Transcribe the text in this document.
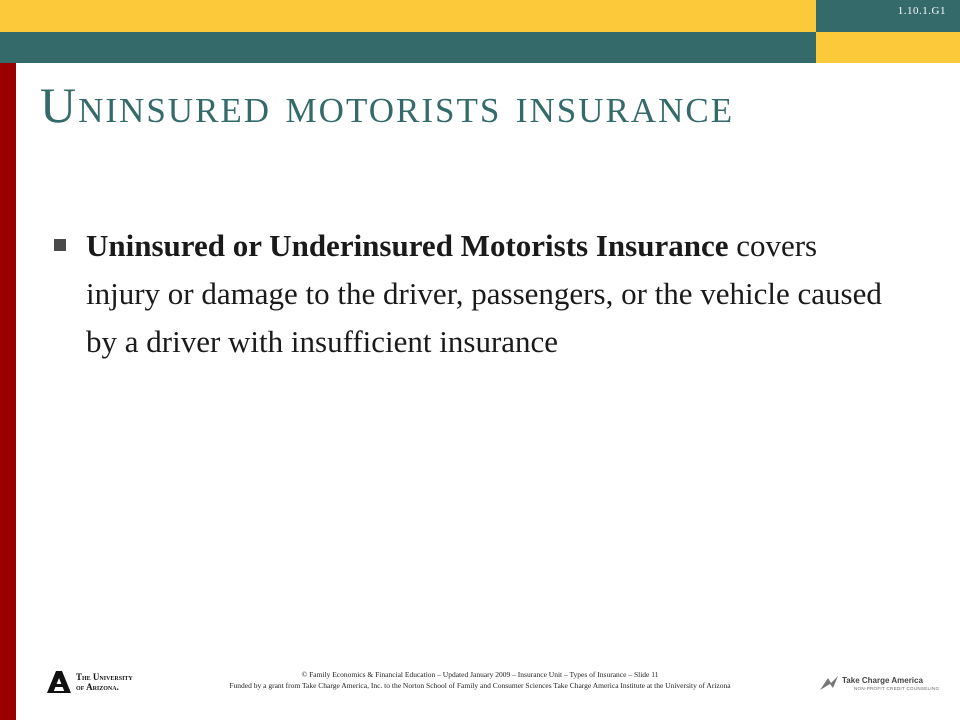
1.10.1.G1
Uninsured motorists insurance

Uninsured or Underinsured Motorists Insurance covers injury or damage to the driver, passengers, or the vehicle caused by a driver with insufficient insurance

The University
of Arizona.
© Family Economics & Financial Education – Updated January 2009 – Insurance Unit – Types of Insurance – Slide 11
Funded by a grant from Take Charge America, Inc. to the Norton School of Family and Consumer Sciences Take Charge America Institute at the University of Arizona
Take Charge America
NON-PROFIT CREDIT COUNSELING
